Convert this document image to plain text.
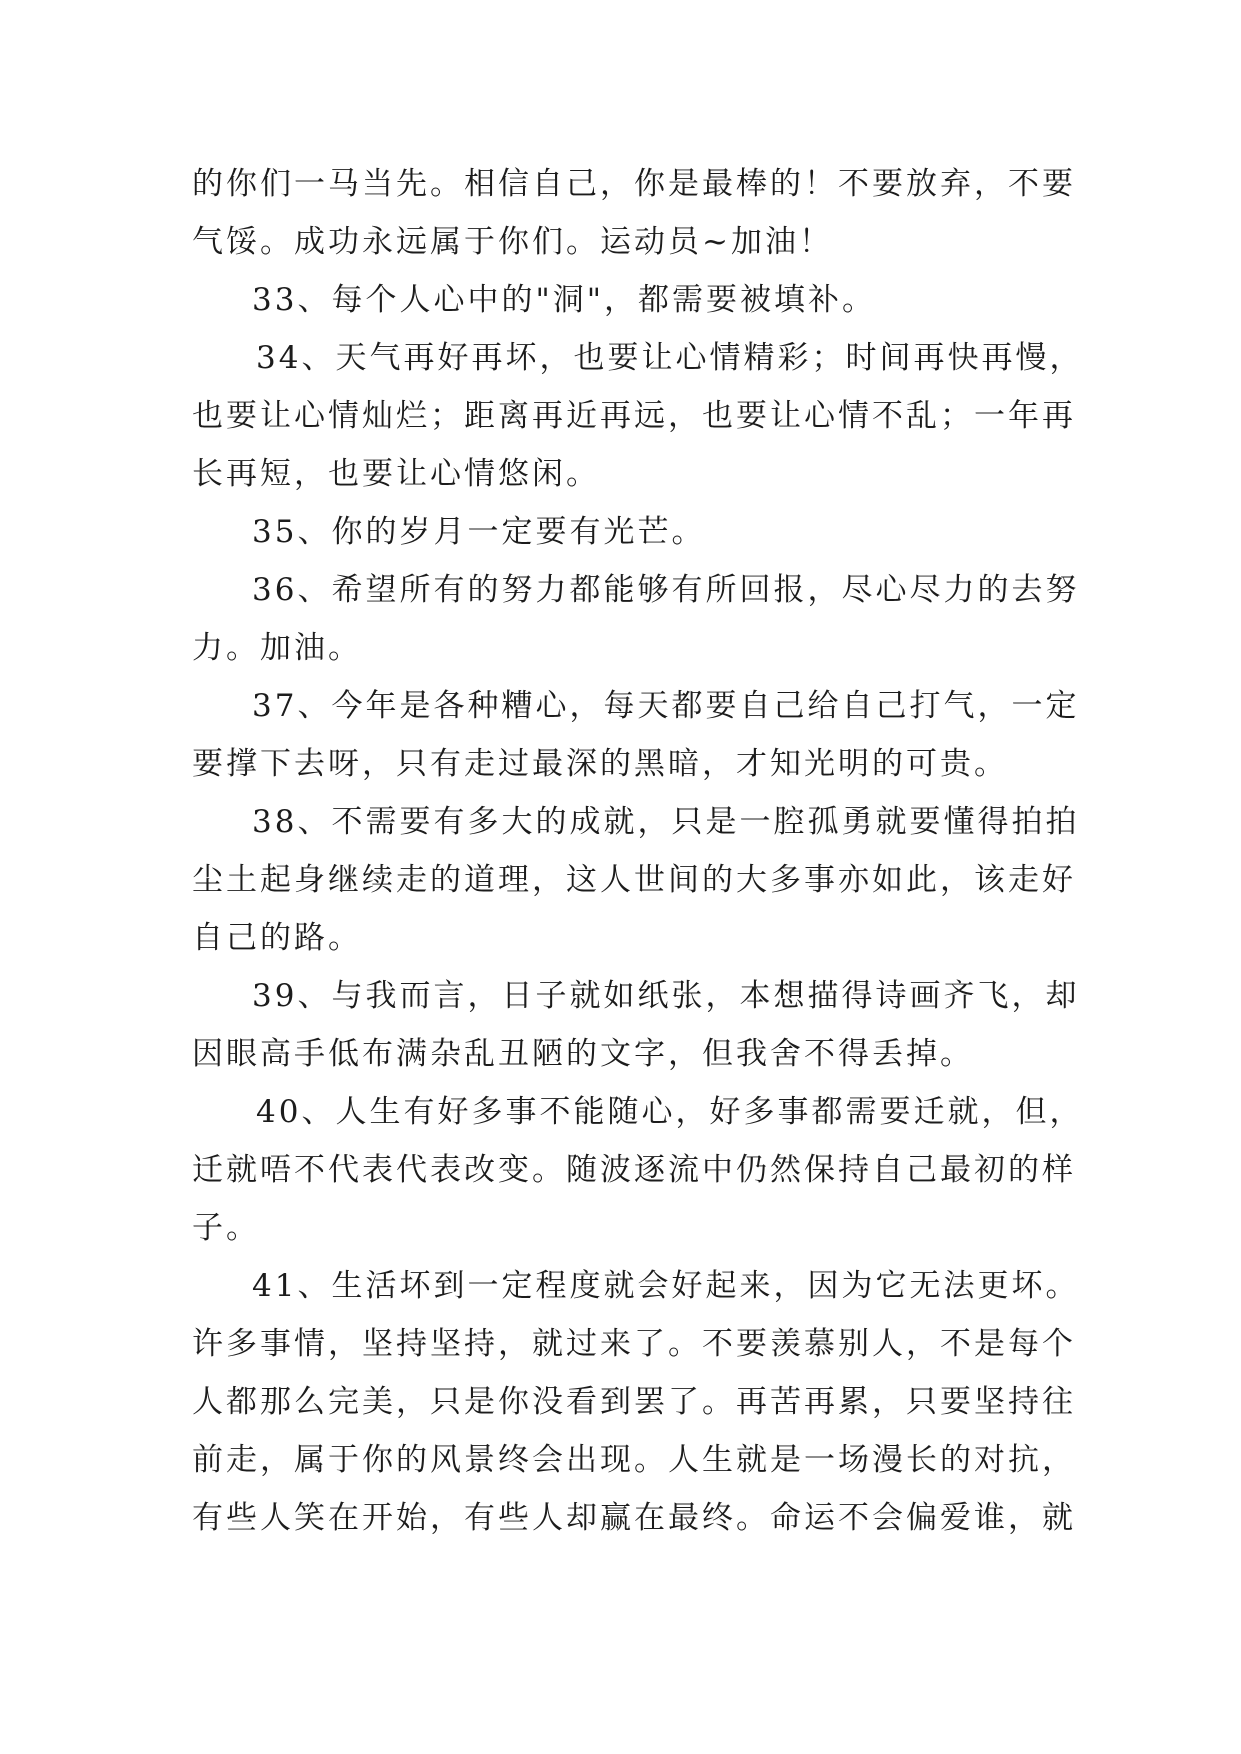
的你们一马当先。相信自己，你是最棒的！不要放弃，不要
气馁。成功永远属于你们。运动员~加油！
33、每个人心中的"洞"，都需要被填补。
34、天气再好再坏，也要让心情精彩；时间再快再慢，
也要让心情灿烂；距离再近再远，也要让心情不乱；一年再
长再短，也要让心情悠闲。
35、你的岁月一定要有光芒。
36、希望所有的努力都能够有所回报，尽心尽力的去努
力。加油。
37、今年是各种糟心，每天都要自己给自己打气，一定
要撑下去呀，只有走过最深的黑暗，才知光明的可贵。
38、不需要有多大的成就，只是一腔孤勇就要懂得拍拍
尘土起身继续走的道理，这人世间的大多事亦如此，该走好
自己的路。
39、与我而言，日子就如纸张，本想描得诗画齐飞，却
因眼高手低布满杂乱丑陋的文字，但我舍不得丢掉。
40、人生有好多事不能随心，好多事都需要迁就，但，
迁就唔不代表代表改变。随波逐流中仍然保持自己最初的样
子。
41、生活坏到一定程度就会好起来，因为它无法更坏。
许多事情，坚持坚持，就过来了。不要羡慕别人，不是每个
人都那么完美，只是你没看到罢了。再苦再累，只要坚持往
前走，属于你的风景终会出现。人生就是一场漫长的对抗，
有些人笑在开始，有些人却赢在最终。命运不会偏爱谁，就
